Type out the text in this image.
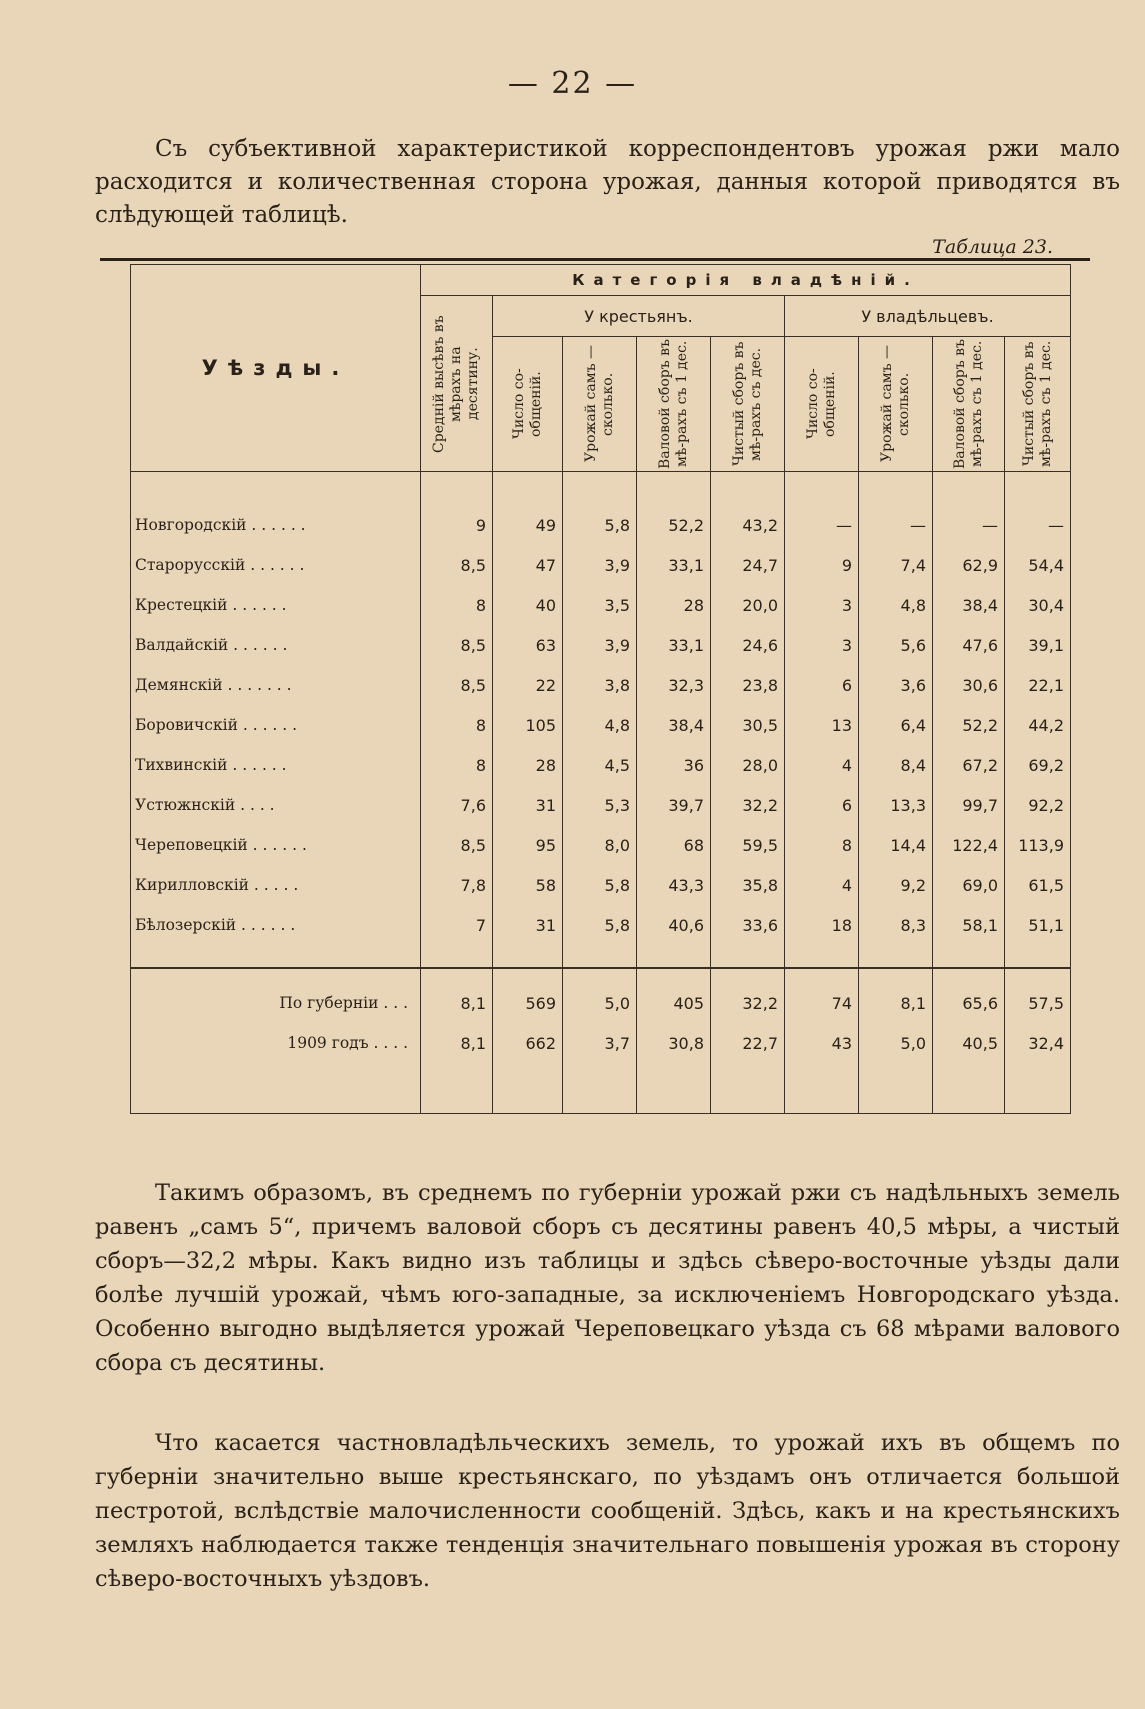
— 22 —
Съ субъективной характеристикой корреспондентовъ урожая ржи мало расходится и количественная сторона урожая, данныя которой приводятся въ слѣдующей таблицѣ.
Таблица 23.
Уѣзды.	Категорія владѣній.								

	Средній высѣвъ въ мѣрахъ на десятину.	У крестьянъ.				У владѣльцевъ.			

		Число со-общеній.	Урожай самъ — сколько.	Валовой сборъ въ мѣ-рахъ съ 1 дес.	Чистый сборъ въ мѣ-рахъ съ дес.	Число со-общеній.	Урожай самъ — сколько.	Валовой сборъ въ мѣ-рахъ съ 1 дес.	Чистый сборъ въ мѣ-рахъ съ 1 дес.

Новгородскій . . . . . .	9	49	5,8	52,2	43,2	—	—	—	—
Старорусскій . . . . . .	8,5	47	3,9	33,1	24,7	9	7,4	62,9	54,4
Крестецкій . . . . . .	8	40	3,5	28	20,0	3	4,8	38,4	30,4
Валдайскій . . . . . .	8,5	63	3,9	33,1	24,6	3	5,6	47,6	39,1
Демянскій . . . . . . .	8,5	22	3,8	32,3	23,8	6	3,6	30,6	22,1
Боровичскій . . . . . .	8	105	4,8	38,4	30,5	13	6,4	52,2	44,2
Тихвинскій . . . . . .	8	28	4,5	36	28,0	4	8,4	67,2	69,2
Устюжнскій . . . .	7,6	31	5,3	39,7	32,2	6	13,3	99,7	92,2
Череповецкій . . . . . .	8,5	95	8,0	68	59,5	8	14,4	122,4	113,9
Кирилловскій . . . . .	7,8	58	5,8	43,3	35,8	4	9,2	69,0	61,5
Бѣлозерскій . . . . . .	7	31	5,8	40,6	33,6	18	8,3	58,1	51,1

По губерніи . . .	8,1	569	5,0	405	32,2	74	8,1	65,6	57,5
1909 годъ . . . .	8,1	662	3,7	30,8	22,7	43	5,0	40,5	32,4

Такимъ образомъ, въ среднемъ по губерніи урожай ржи съ надѣльныхъ земель равенъ „самъ 5“, причемъ валовой сборъ съ десятины равенъ 40,5 мѣры, а чистый сборъ—32,2 мѣры. Какъ видно изъ таблицы и здѣсь сѣверо-восточные уѣзды дали болѣе лучшій урожай, чѣмъ юго-западные, за исключеніемъ Новгородскаго уѣзда. Особенно выгодно выдѣляется урожай Череповецкаго уѣзда съ 68 мѣрами валового сбора съ десятины.
Что касается частновладѣльческихъ земель, то урожай ихъ въ общемъ по губерніи значительно выше крестьянскаго, по уѣздамъ онъ отличается большой пестротой, вслѣдствіе малочисленности сообщеній. Здѣсь, какъ и на крестьянскихъ земляхъ наблюдается также тенденція значительнаго повышенія урожая въ сторону сѣверо-восточныхъ уѣздовъ.
